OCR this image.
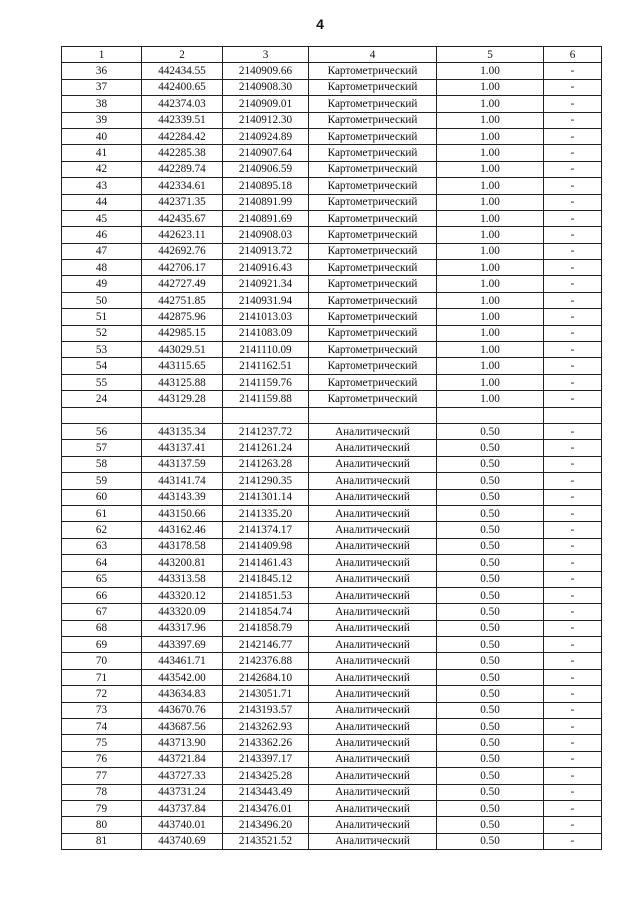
4
1	2	3	4	5	6
36	442434.55	2140909.66	Картометрический	1.00	-
37	442400.65	2140908.30	Картометрический	1.00	-
38	442374.03	2140909.01	Картометрический	1.00	-
39	442339.51	2140912.30	Картометрический	1.00	-
40	442284.42	2140924.89	Картометрический	1.00	-
41	442285.38	2140907.64	Картометрический	1.00	-
42	442289.74	2140906.59	Картометрический	1.00	-
43	442334.61	2140895.18	Картометрический	1.00	-
44	442371.35	2140891.99	Картометрический	1.00	-
45	442435.67	2140891.69	Картометрический	1.00	-
46	442623.11	2140908.03	Картометрический	1.00	-
47	442692.76	2140913.72	Картометрический	1.00	-
48	442706.17	2140916.43	Картометрический	1.00	-
49	442727.49	2140921.34	Картометрический	1.00	-
50	442751.85	2140931.94	Картометрический	1.00	-
51	442875.96	2141013.03	Картометрический	1.00	-
52	442985.15	2141083.09	Картометрический	1.00	-
53	443029.51	2141110.09	Картометрический	1.00	-
54	443115.65	2141162.51	Картометрический	1.00	-
55	443125.88	2141159.76	Картометрический	1.00	-
24	443129.28	2141159.88	Картометрический	1.00	-

56	443135.34	2141237.72	Аналитический	0.50	-
57	443137.41	2141261.24	Аналитический	0.50	-
58	443137.59	2141263.28	Аналитический	0.50	-
59	443141.74	2141290.35	Аналитический	0.50	-
60	443143.39	2141301.14	Аналитический	0.50	-
61	443150.66	2141335.20	Аналитический	0.50	-
62	443162.46	2141374.17	Аналитический	0.50	-
63	443178.58	2141409.98	Аналитический	0.50	-
64	443200.81	2141461.43	Аналитический	0.50	-
65	443313.58	2141845.12	Аналитический	0.50	-
66	443320.12	2141851.53	Аналитический	0.50	-
67	443320.09	2141854.74	Аналитический	0.50	-
68	443317.96	2141858.79	Аналитический	0.50	-
69	443397.69	2142146.77	Аналитический	0.50	-
70	443461.71	2142376.88	Аналитический	0.50	-
71	443542.00	2142684.10	Аналитический	0.50	-
72	443634.83	2143051.71	Аналитический	0.50	-
73	443670.76	2143193.57	Аналитический	0.50	-
74	443687.56	2143262.93	Аналитический	0.50	-
75	443713.90	2143362.26	Аналитический	0.50	-
76	443721.84	2143397.17	Аналитический	0.50	-
77	443727.33	2143425.28	Аналитический	0.50	-
78	443731.24	2143443.49	Аналитический	0.50	-
79	443737.84	2143476.01	Аналитический	0.50	-
80	443740.01	2143496.20	Аналитический	0.50	-
81	443740.69	2143521.52	Аналитический	0.50	-
